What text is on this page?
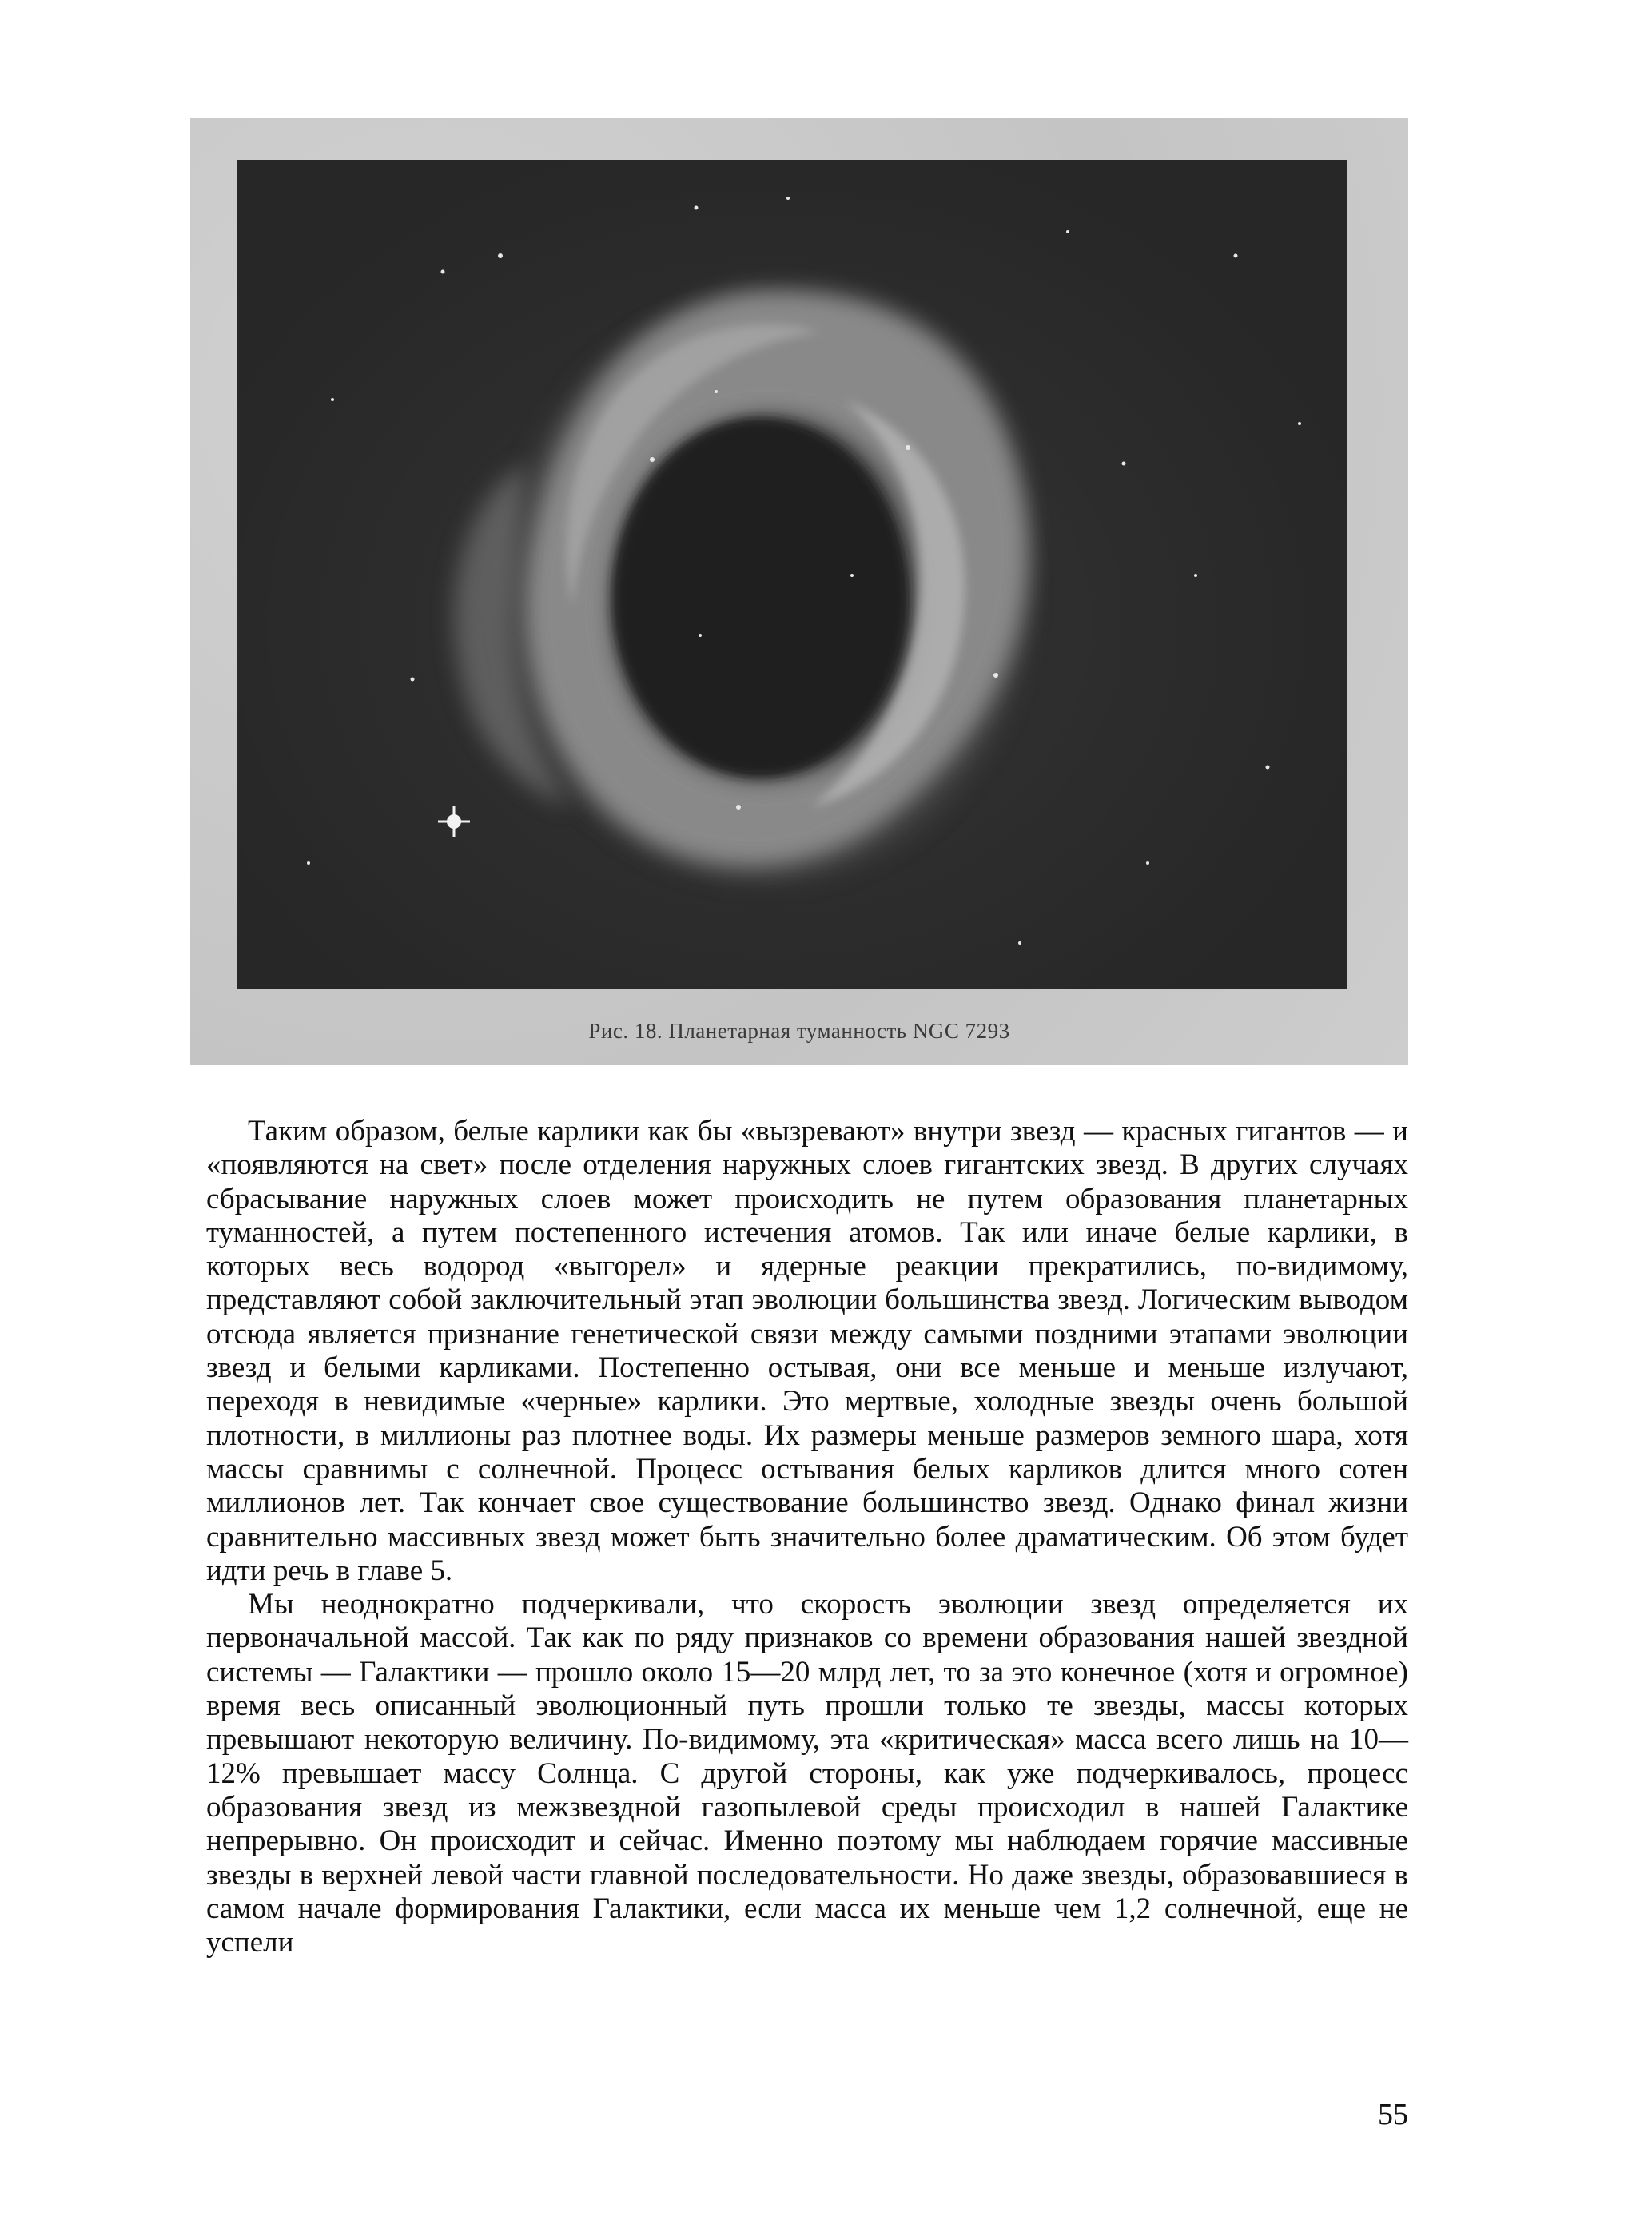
Рис. 18. Планетарная туманность NGC 7293

Таким образом, белые карлики как бы «вызревают» внутри звезд — красных гигантов — и «появляются на свет» после отделения наружных слоев гигантских звезд. В других случаях сбрасывание наружных слоев может происходить не путем образования планетарных туманностей, а путем постепенного истечения атомов. Так или иначе белые карлики, в которых весь водород «выгорел» и ядерные реакции прекратились, по-видимому, представляют собой заключительный этап эволюции большинства звезд. Логическим выводом отсюда является признание генетической связи между самыми поздними этапами эволюции звезд и белыми карликами. Постепенно остывая, они все меньше и меньше излучают, переходя в невидимые «черные» карлики. Это мертвые, холодные звезды очень большой плотности, в миллионы раз плотнее воды. Их размеры меньше размеров земного шара, хотя массы сравнимы с солнечной. Процесс остывания белых карликов длится много сотен миллионов лет. Так кончает свое существование большинство звезд. Однако финал жизни сравнительно массивных звезд может быть значительно более драматическим. Об этом будет идти речь в главе 5.

Мы неоднократно подчеркивали, что скорость эволюции звезд определяется их первоначальной массой. Так как по ряду признаков со времени образования нашей звездной системы — Галактики — прошло около 15—20 млрд лет, то за это конечное (хотя и огромное) время весь описанный эволюционный путь прошли только те звезды, массы которых превышают некоторую величину. По-видимому, эта «критическая» масса всего лишь на 10—12% превышает массу Солнца. С другой стороны, как уже подчеркивалось, процесс образования звезд из межзвездной газопылевой среды происходил в нашей Галактике непрерывно. Он происходит и сейчас. Именно поэтому мы наблюдаем горячие массивные звезды в верхней левой части главной последовательности. Но даже звезды, образовавшиеся в самом начале формирования Галактики, если масса их меньше чем 1,2 солнечной, еще не успели

55
